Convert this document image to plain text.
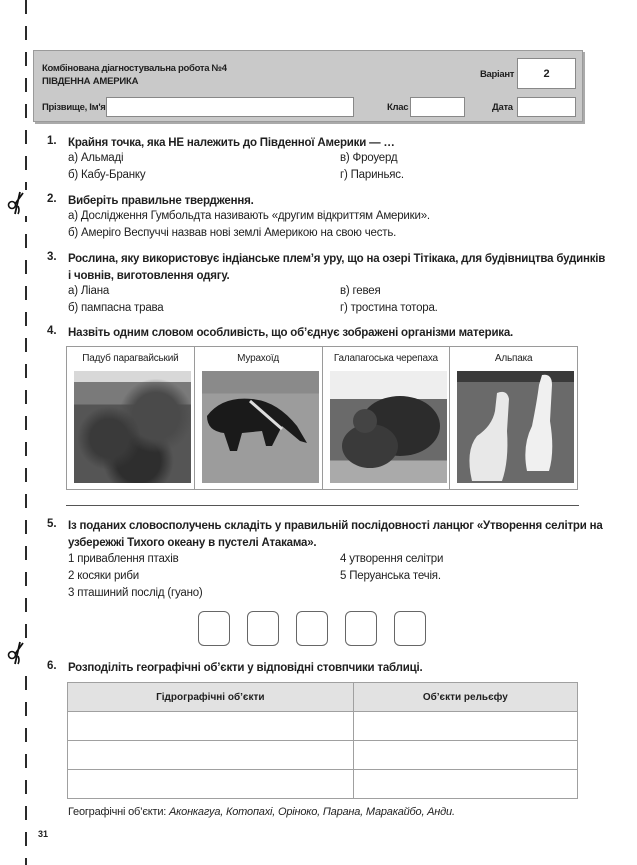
Комбінована діагностувальна робота №4
ПІВДЕННА АМЕРИКА
Варіант	2
Прізвище, Ім'я	Клас	Дата
1. Крайня точка, яка НЕ належить до Південної Америки — …
а) Альмаді
б) Кабу-Бранку
в) Фроуерд
г) Париньяс.
2. Виберіть правильне твердження.
а) Дослідження Гумбольдта називають «другим відкриттям Америки».
б) Амеріго Веспуччі назвав нові землі Америкою на свою честь.
3. Рослина, яку використовує індіанське плем’я уру, що на озері Тітікака, для будівництва будинків
і човнів, виготовлення одягу.
а) Ліана
б) пампасна трава
в) гевея
г) тростина тотора.
4. Назвіть одним словом особливість, що об’єднує зображені організми материка.
Падуб парагвайський	Мурахоїд	Галапагоська черепаха	Альпака
5. Із поданих словосполучень складіть у правильній послідовності ланцюг «Утворення селітри на
узбережжі Тихого океану в пустелі Атакама».
1 приваблення птахів
2 косяки риби
3 пташиний послід (гуано)
4 утворення селітри
5 Перуанська течія.
6. Розподіліть географічні об’єкти у відповідні стовпчики таблиці.
Гідрографічні об’єкти	Об’єкти рельєфу

Географічні об’єкти: Аконкагуа, Котопахі, Оріноко, Парана, Маракайбо, Анди.
31
